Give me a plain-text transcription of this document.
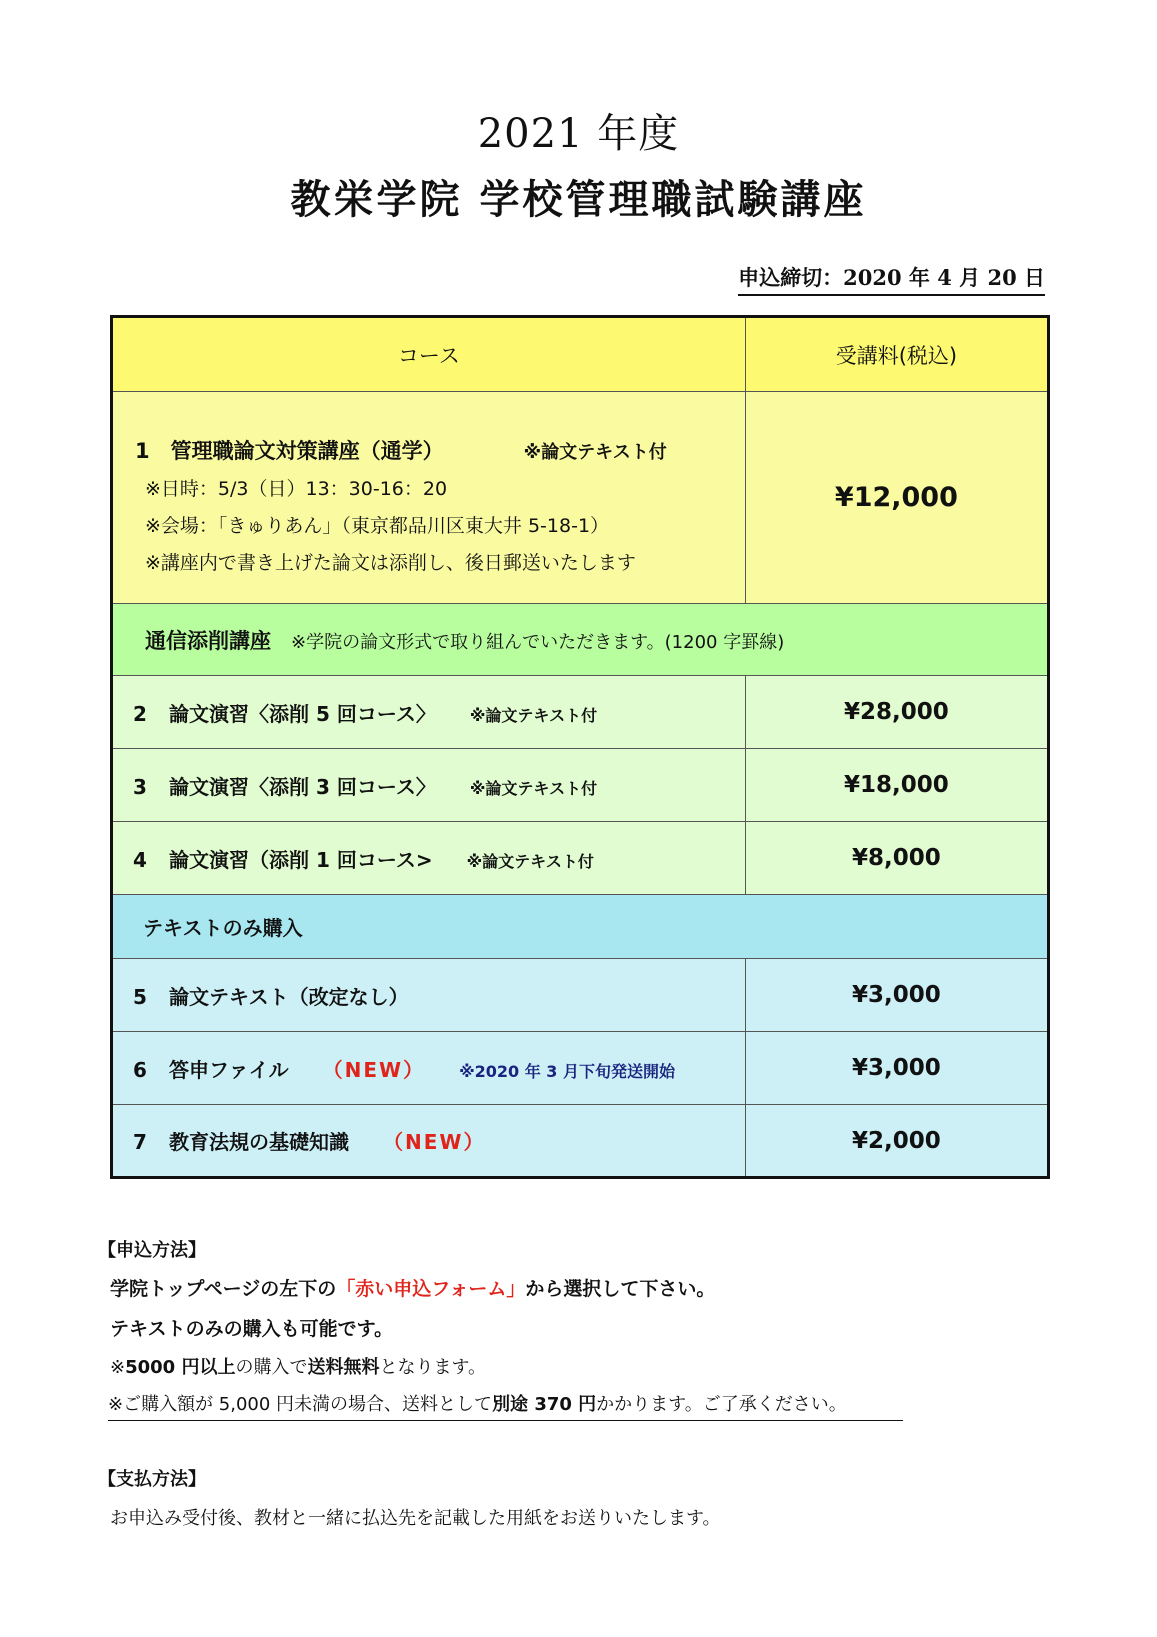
2021 年度
教栄学院 学校管理職試験講座
申込締切：2020 年 4 月 20 日
コース	受講料(税込)

1　管理職論文対策講座（通学） ※論文テキスト付
※日時：5/3（日）13：30-16：20
※会場：「きゅりあん」（東京都品川区東大井 5-18-1）
※講座内で書き上げた論文は添削し、後日郵送いたします	¥12,000
通信添削講座 ※学院の論文形式で取り組んでいただきます。(1200 字罫線)	
2 論文演習〈添削 5 回コース〉 ※論文テキスト付	¥28,000
3 論文演習〈添削 3 回コース〉 ※論文テキスト付	¥18,000
4 論文演習（添削 1 回コース> ※論文テキスト付	¥8,000
テキストのみ購入	
5 論文テキスト（改定なし）	¥3,000
6 答申ファイル （NEW） ※2020 年 3 月下旬発送開始	¥3,000
7 教育法規の基礎知識 （NEW）	¥2,000
【申込方法】
学院トップページの左下の「赤い申込フォーム」から選択して下さい。
テキストのみの購入も可能です。
※5000 円以上の購入で送料無料となります。
※ご購入額が 5,000 円未満の場合、送料として別途 370 円かかります。ご了承ください。
【支払方法】
お申込み受付後、教材と一緒に払込先を記載した用紙をお送りいたします。
